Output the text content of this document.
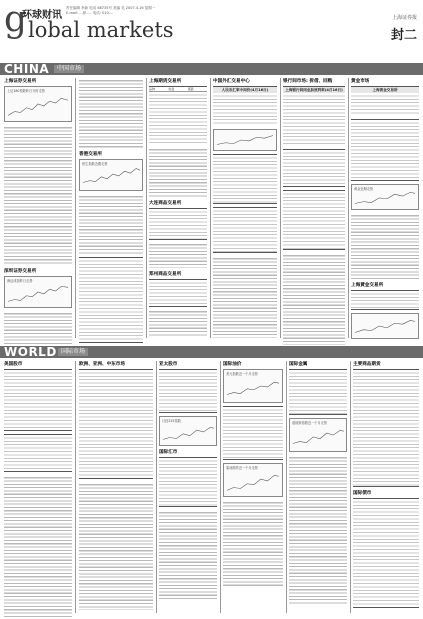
g
环球财讯
lobal markets
责任编辑 李新 电话 68735号 美编 吴 2007.4.16 星期一
E-mail: ...@..... 电话: 010-...
上海证券报
封二
CHINA	中国市场
上海证券交易所
上证180指数昨日分时走势
深圳证券交易所
深证成指昨日走势
香港交易所
恒生指数近期走势
上海期货交易所
品种	收盘	涨跌
大连商品交易所
郑州商品交易所
中国外汇交易中心
人民币汇率中间价(4月16日)
银行间市场: 拆借、回购
上海银行间同业拆放利率(4月16日)
黄金市场
上海黄金交易所
黄金近期走势
上海黄金交易所
WORLD 国际市场
美国股市	欧洲、亚洲、中东市场	亚太股市
日经225指数
国际汇市
国际油价
美元指数近一个月走势
原油期货近一个月走势
国际金属
道琼斯指数近一个月走势
主要商品期货
国际债市
